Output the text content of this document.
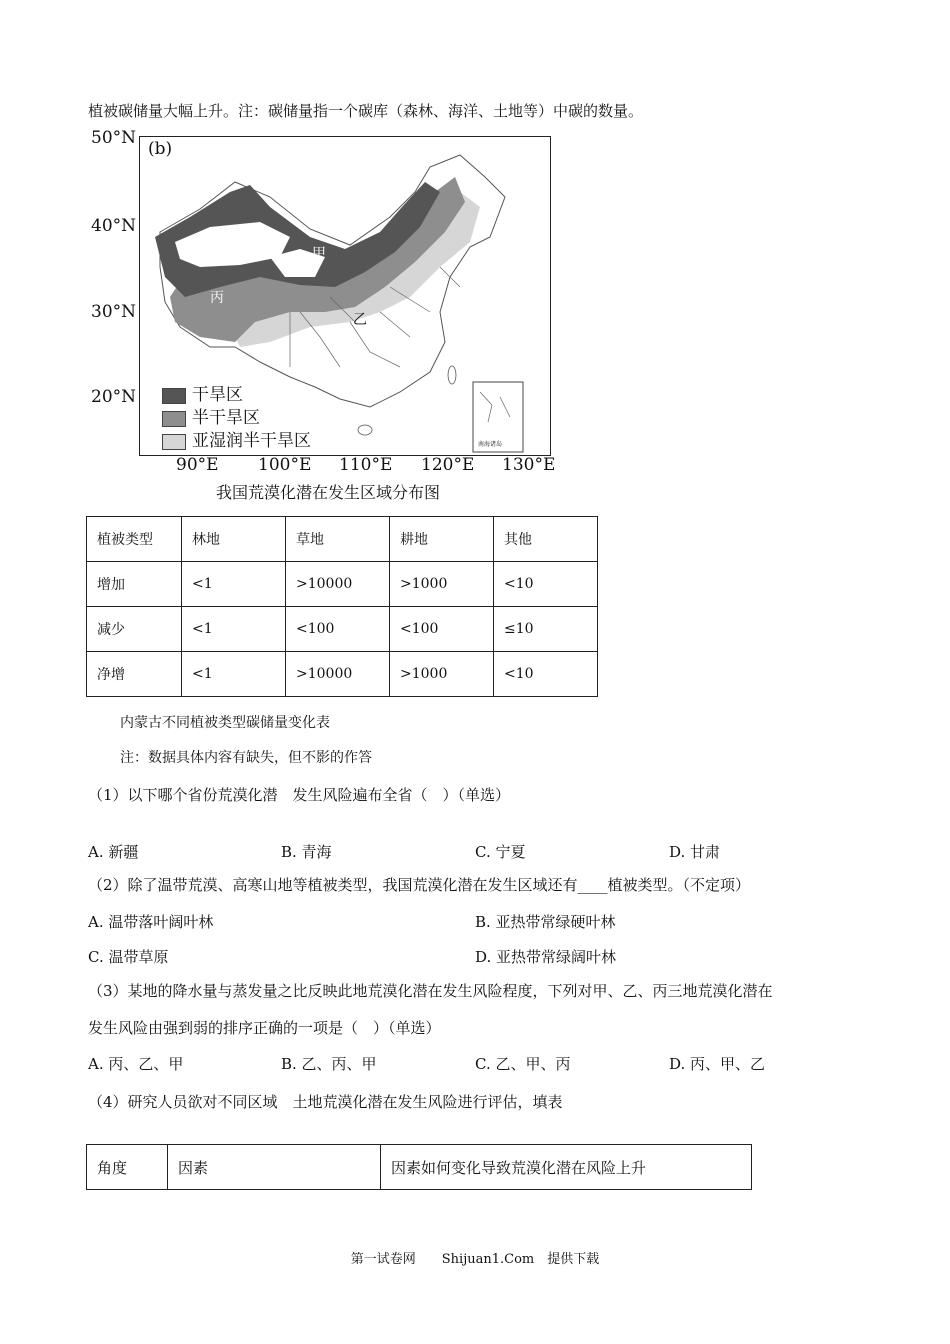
植被碳储量大幅上升。注：碳储量指一个碳库（森林、海洋、土地等）中碳的数量。
50°N
40°N
30°N
20°N
(b)
甲
乙
丙
南海诸岛
干旱区
半干旱区
亚湿润半干旱区
90°E 100°E 110°E 120°E 130°E
我国荒漠化潜在发生区域分布图
植被类型	林地	草地	耕地	其他
增加	<1	>10000	>1000	<10
减少	<1	<100	<100	≤10
净增	<1	>10000	>1000	<10
内蒙古不同植被类型碳储量变化表
注：数据具体内容有缺失，但不影的作答
（1）以下哪个省份荒漠化潜　发生风险遍布全省（　）（单选）
A. 新疆	B. 青海	C. 宁夏	D. 甘肃
（2）除了温带荒漠、高寒山地等植被类型，我国荒漠化潜在发生区域还有____植被类型。（不定项）
A. 温带落叶阔叶林	B. 亚热带常绿硬叶林
C. 温带草原	D. 亚热带常绿阔叶林
（3）某地的降水量与蒸发量之比反映此地荒漠化潜在发生风险程度，下列对甲、乙、丙三地荒漠化潜在
发生风险由强到弱的排序正确的一项是（　）（单选）
A. 丙、乙、甲	B. 乙、丙、甲	C. 乙、甲、丙	D. 丙、甲、乙
（4）研究人员欲对不同区域　土地荒漠化潜在发生风险进行评估，填表
角度	因素	因素如何变化导致荒漠化潜在风险上升
第一试卷网　　Shijuan1.Com　提供下载
